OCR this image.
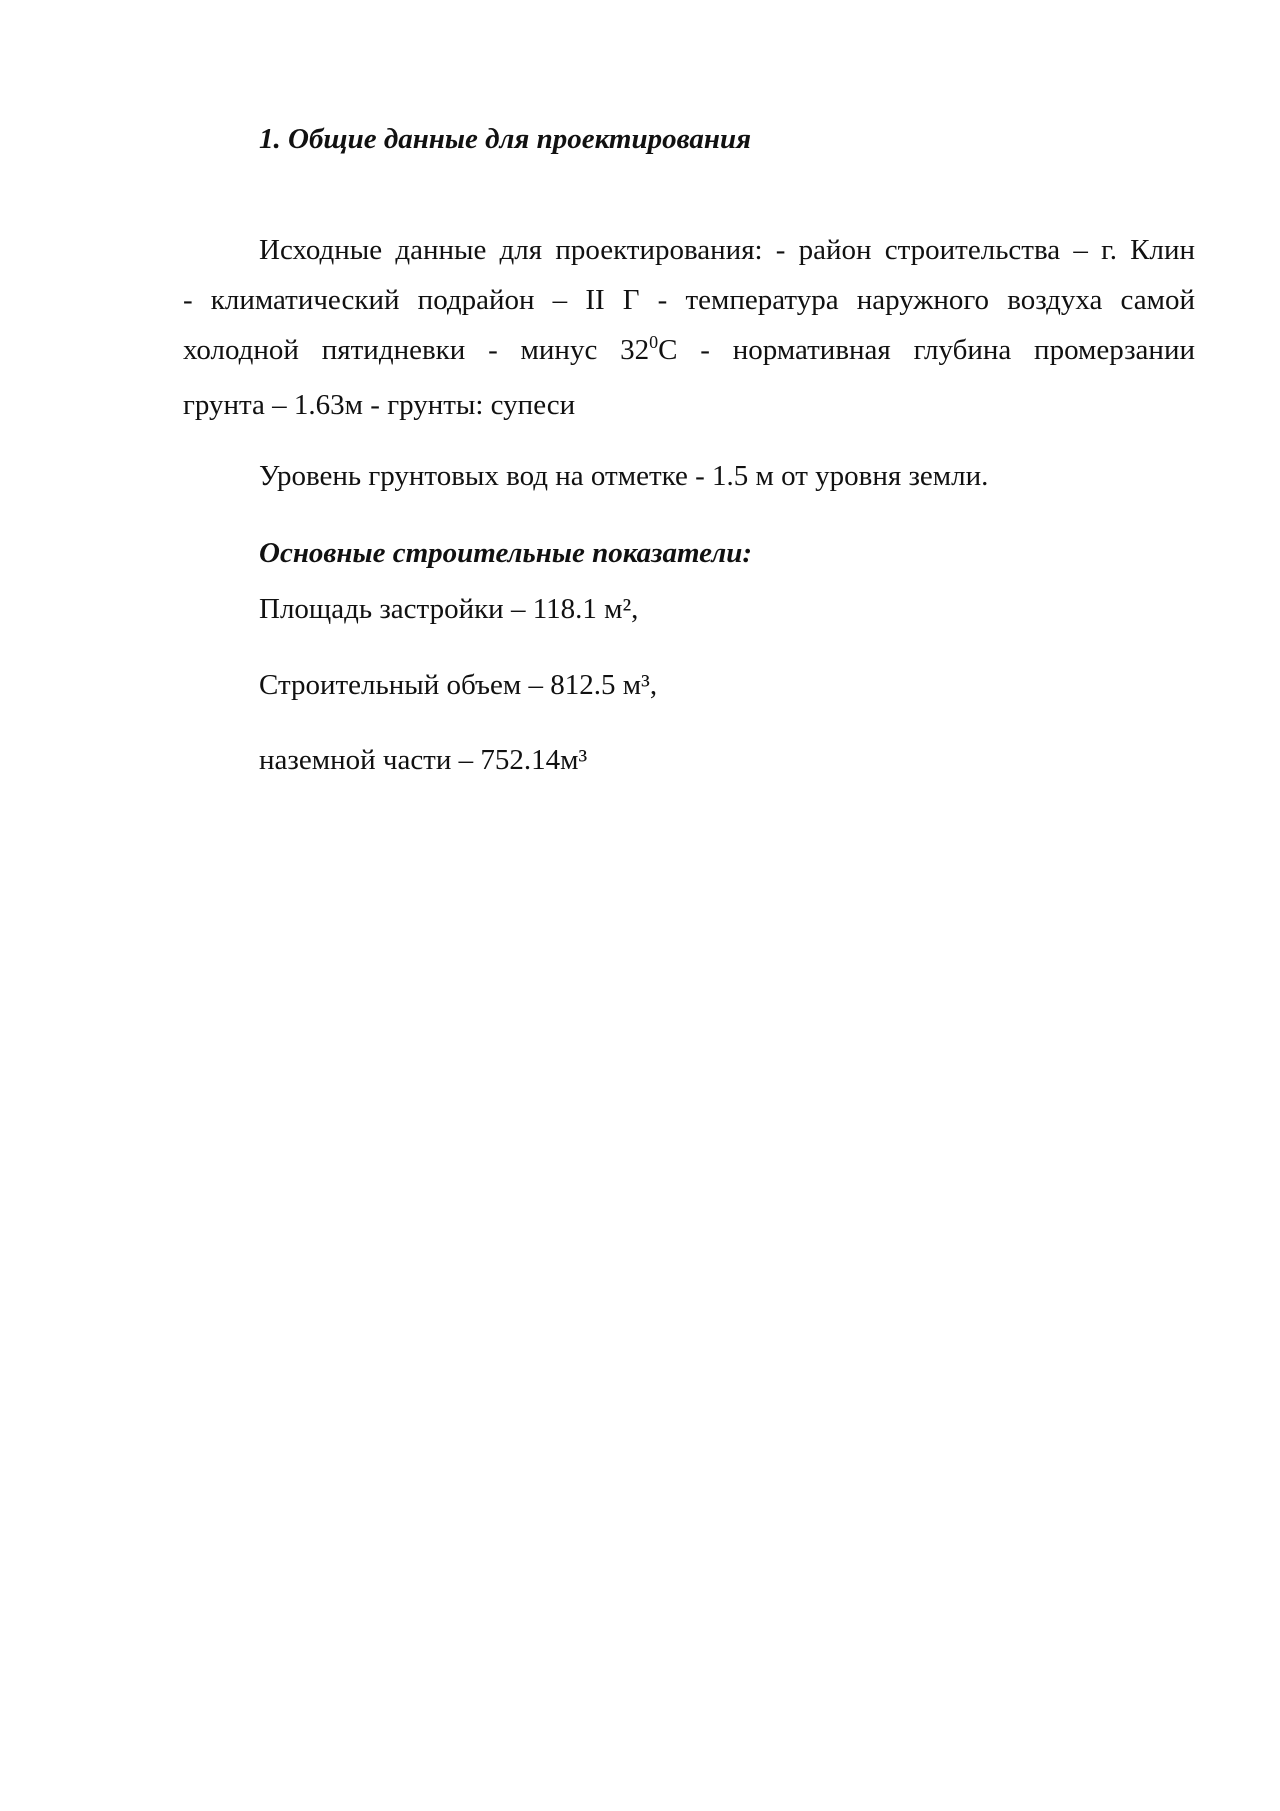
1. Общие данные для проектирования
Исходные данные для проектирования: - район строительства – г. Клин
- климатический подрайон – II Г - температура наружного воздуха самой
холодной пятидневки - минус $32^0С$ - нормативная глубина промерзании
грунта – 1.63м - грунты: супеси
Уровень грунтовых вод на отметке - 1.5 м от уровня земли.
Основные строительные показатели:
Площадь застройки – 118.1 м²,
Строительный объем – 812.5 м³,
наземной части – 752.14м³
